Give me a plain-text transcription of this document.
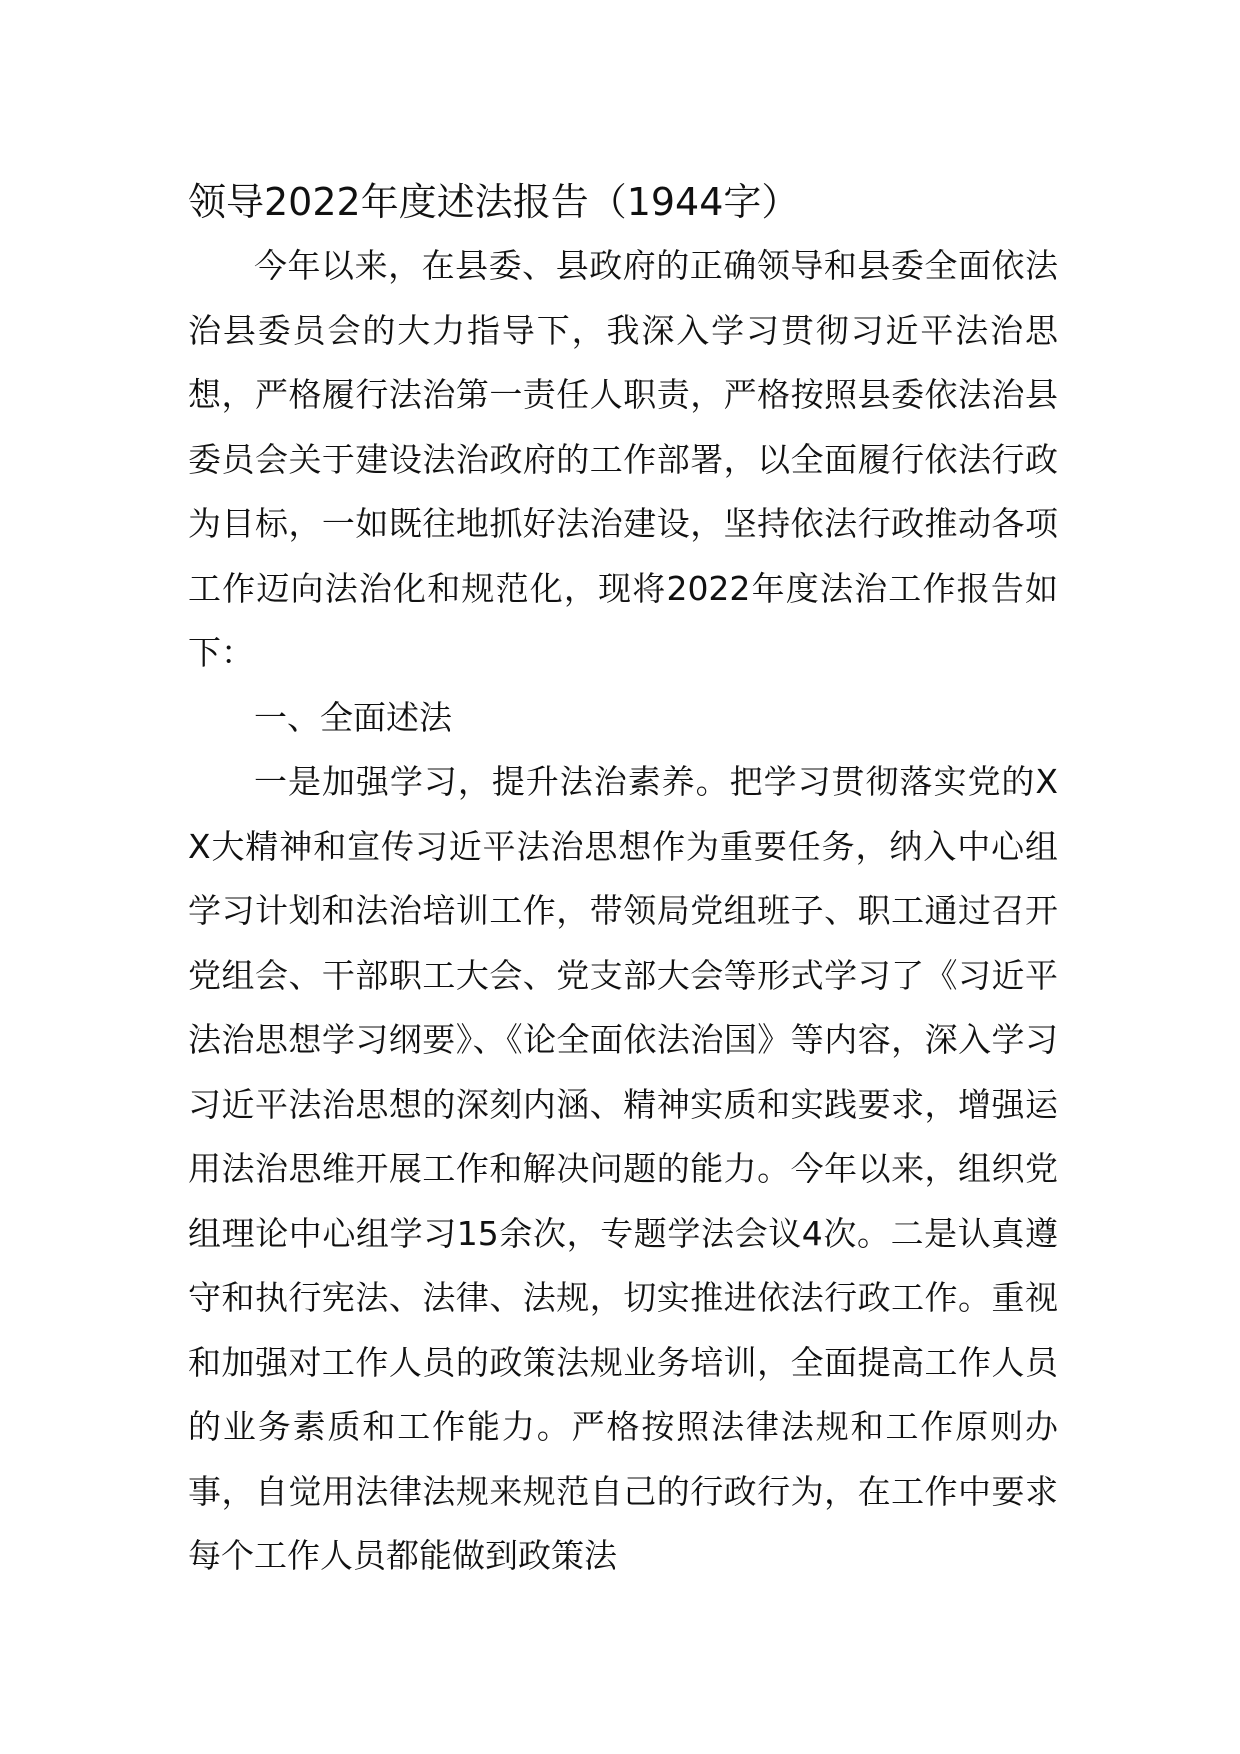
领导2022年度述法报告（1944字）

今年以来，在县委、县政府的正确领导和县委全面依法治县委员会的大力指导下，我深入学习贯彻习近平法治思想，严格履行法治第一责任人职责，严格按照县委依法治县委员会关于建设法治政府的工作部署，以全面履行依法行政为目标，一如既往地抓好法治建设，坚持依法行政推动各项工作迈向法治化和规范化，现将2022年度法治工作报告如下：

一、全面述法

一是加强学习，提升法治素养。把学习贯彻落实党的XX大精神和宣传习近平法治思想作为重要任务，纳入中心组学习计划和法治培训工作，带领局党组班子、职工通过召开党组会、干部职工大会、党支部大会等形式学习了《习近平法治思想学习纲要》、《论全面依法治国》等内容，深入学习习近平法治思想的深刻内涵、精神实质和实践要求，增强运用法治思维开展工作和解决问题的能力。今年以来，组织党组理论中心组学习15余次，专题学法会议4次。二是认真遵守和执行宪法、法律、法规，切实推进依法行政工作。重视和加强对工作人员的政策法规业务培训，全面提高工作人员的业务素质和工作能力。严格按照法律法规和工作原则办事，自觉用法律法规来规范自己的行政行为，在工作中要求每个工作人员都能做到政策法
